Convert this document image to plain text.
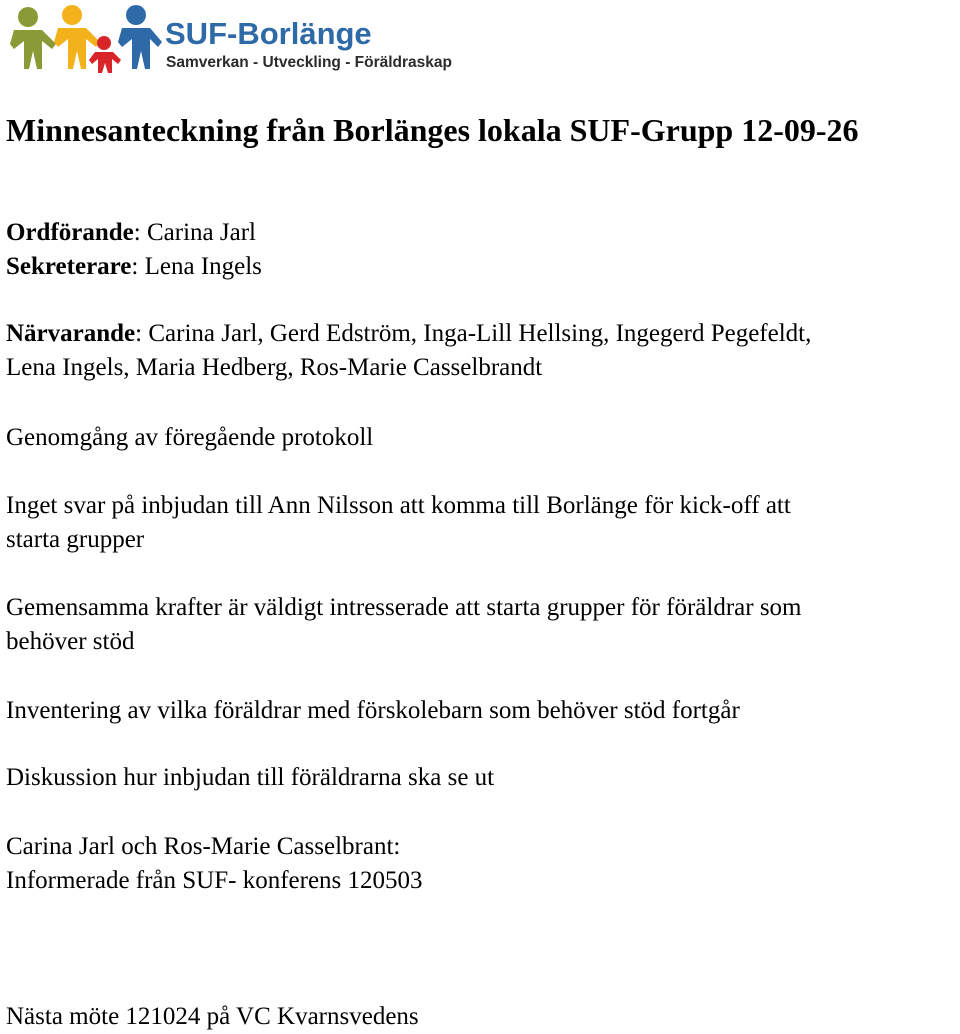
SUF-Borlänge
Samverkan - Utveckling - Föräldraskap
Minnesanteckning från Borlänges lokala SUF-Grupp 12-09-26

Ordförande: Carina Jarl

Sekreterare: Lena Ingels

Närvarande: Carina Jarl, Gerd Edström, Inga-Lill Hellsing, Ingegerd Pegefeldt,

Lena Ingels, Maria Hedberg, Ros-Marie Casselbrandt

Genomgång av föregående protokoll

Inget svar på inbjudan till Ann Nilsson att komma till Borlänge för kick-off att

starta grupper

Gemensamma krafter är väldigt intresserade att starta grupper för föräldrar som

behöver stöd

Inventering av vilka föräldrar med förskolebarn som behöver stöd fortgår

Diskussion hur inbjudan till föräldrarna ska se ut

Carina Jarl och Ros-Marie Casselbrant:

Informerade från SUF- konferens 120503

Nästa möte 121024 på VC Kvarnsvedens
